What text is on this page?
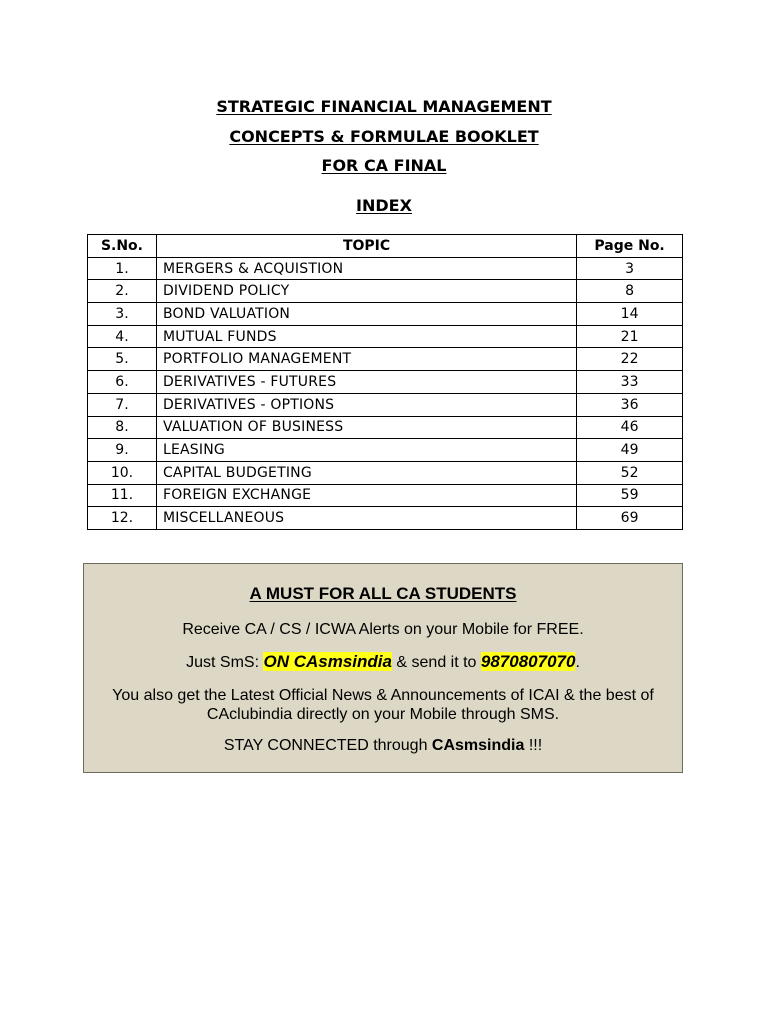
STRATEGIC FINANCIAL MANAGEMENT
CONCEPTS & FORMULAE BOOKLET
FOR CA FINAL
INDEX
S.No.	TOPIC	Page No.
1.	MERGERS & ACQUISTION	3
2.	DIVIDEND POLICY	8
3.	BOND VALUATION	14
4.	MUTUAL FUNDS	21
5.	PORTFOLIO MANAGEMENT	22
6.	DERIVATIVES - FUTURES	33
7.	DERIVATIVES - OPTIONS	36
8.	VALUATION OF BUSINESS	46
9.	LEASING	49
10.	CAPITAL BUDGETING	52
11.	FOREIGN EXCHANGE	59
12.	MISCELLANEOUS	69
A MUST FOR ALL CA STUDENTS
Receive CA / CS / ICWA Alerts on your Mobile for FREE.
Just SmS: ON CAsmsindia & send it to 9870807070.
You also get the Latest Official News & Announcements of ICAI & the best of CAclubindia directly on your Mobile through SMS.
STAY CONNECTED through CAsmsindia !!!
